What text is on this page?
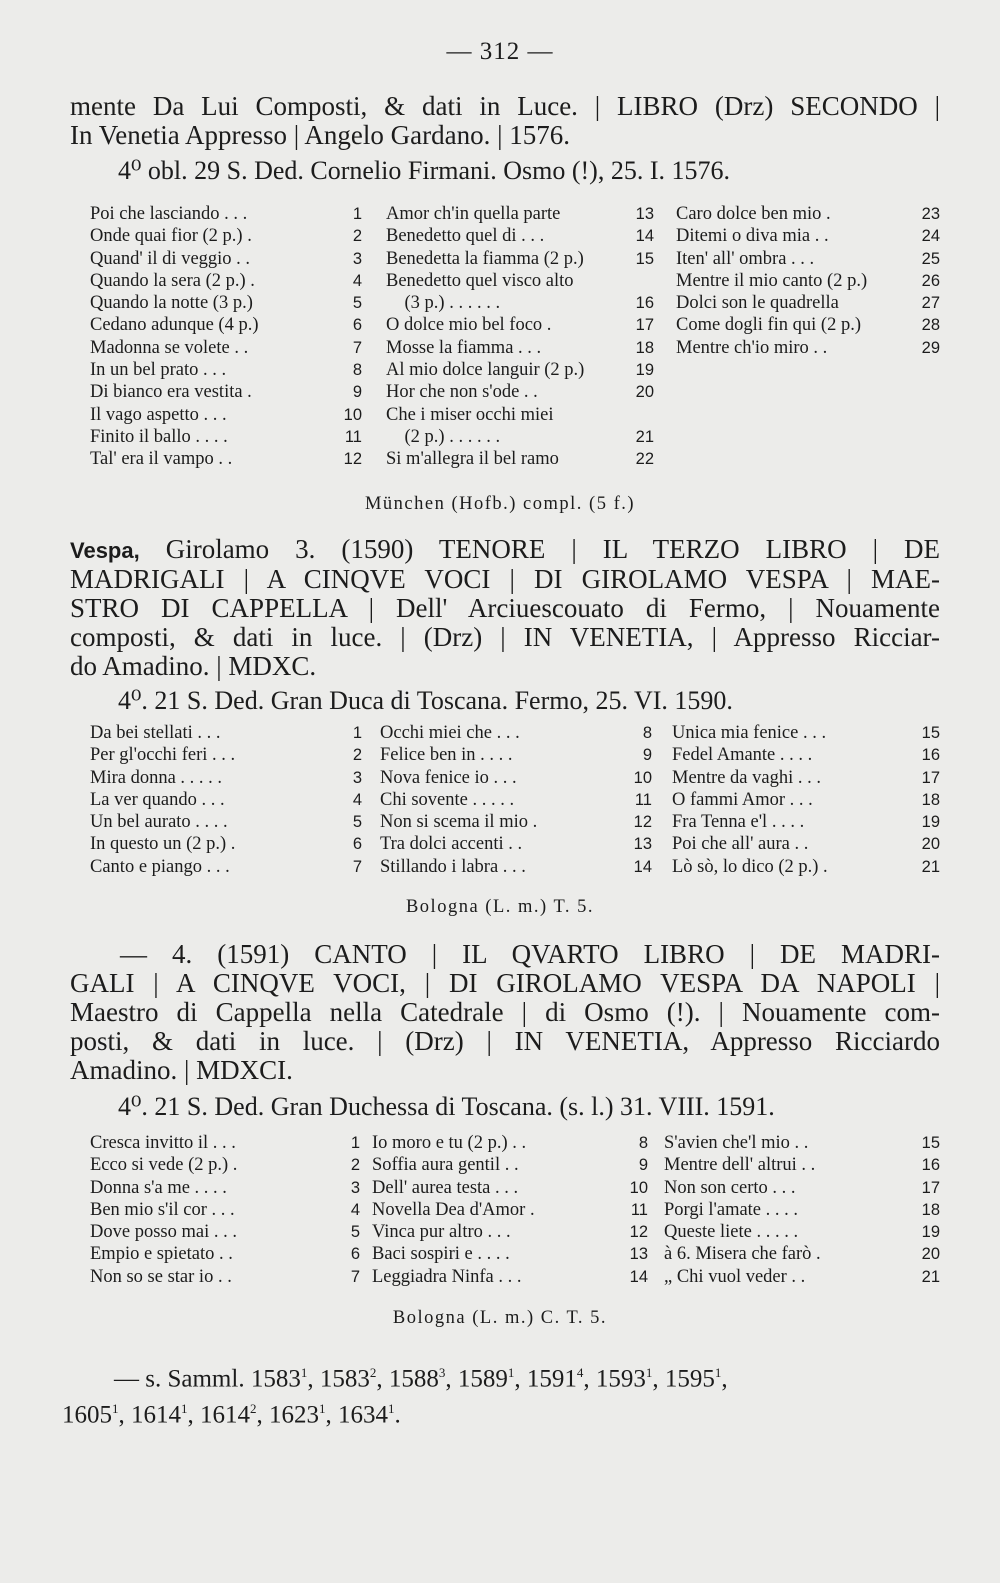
— 312 —
mente Da Lui Composti, & dati in Luce. | LIBRO (Drz) SECONDO |
In Venetia Appresso | Angelo Gardano. | 1576.
4⁰ obl. 29 S. Ded. Cornelio Firmani. Osmo (!), 25. I. 1576.
Poi che lasciando . . .	1
Onde quai fior (2 p.) .	2
Quand' il di veggio . .	3
Quando la sera (2 p.) .	4
Quando la notte (3 p.)	5
Cedano adunque (4 p.)	6
Madonna se volete . .	7
In un bel prato . . .	8
Di bianco era vestita .	9
Il vago aspetto . . .	10
Finito il ballo . . . .	11
Tal' era il vampo . .	12
Amor ch'in quella parte	13
Benedetto quel di . . .	14
Benedetta la fiamma (2 p.)	15
Benedetto quel visco alto
(3 p.) . . . . . .	16
O dolce mio bel foco .	17
Mosse la fiamma . . .	18
Al mio dolce languir (2 p.)	19
Hor che non s'ode . .	20
Che i miser occhi miei
(2 p.) . . . . . .	21
Si m'allegra il bel ramo	22
Caro dolce ben mio .	23
Ditemi o diva mia . .	24
Iten' all' ombra . . .	25
Mentre il mio canto (2 p.)	26
Dolci son le quadrella	27
Come dogli fin qui (2 p.)	28
Mentre ch'io miro . .	29
München (Hofb.) compl. (5 f.)
Vespa, Girolamo 3. (1590) TENORE | IL TERZO LIBRO | DE
MADRIGALI | A CINQVE VOCI | DI GIROLAMO VESPA | MAE-
STRO DI CAPPELLA | Dell' Arciuescouato di Fermo, | Nouamente
composti, & dati in luce. | (Drz) | IN VENETIA, | Appresso Ricciar-
do Amadino. | MDXC.
4⁰. 21 S. Ded. Gran Duca di Toscana. Fermo, 25. VI. 1590.
Da bei stellati . . .	1
Per gl'occhi feri . . .	2
Mira donna . . . . .	3
La ver quando . . .	4
Un bel aurato . . . .	5
In questo un (2 p.) .	6
Canto e piango . . .	7
Occhi miei che . . .	8
Felice ben in . . . .	9
Nova fenice io . . .	10
Chi sovente . . . . .	11
Non si scema il mio .	12
Tra dolci accenti . .	13
Stillando i labra . . .	14
Unica mia fenice . . .	15
Fedel Amante . . . .	16
Mentre da vaghi . . .	17
O fammi Amor . . .	18
Fra Tenna e'l . . . .	19
Poi che all' aura . .	20
Lò sò, lo dico (2 p.) .	21
Bologna (L. m.) T. 5.
— 4. (1591) CANTO | IL QVARTO LIBRO | DE MADRI-
GALI | A CINQVE VOCI, | DI GIROLAMO VESPA DA NAPOLI |
Maestro di Cappella nella Catedrale | di Osmo (!). | Nouamente com-
posti, & dati in luce. | (Drz) | IN VENETIA, Appresso Ricciardo
Amadino. | MDXCI.
4⁰. 21 S. Ded. Gran Duchessa di Toscana. (s. l.) 31. VIII. 1591.
Cresca invitto il . . .	1
Ecco si vede (2 p.) .	2
Donna s'a me . . . .	3
Ben mio s'il cor . . .	4
Dove posso mai . . .	5
Empio e spietato . .	6
Non so se star io . .	7
Io moro e tu (2 p.) . .	8
Soffia aura gentil . .	9
Dell' aurea testa . . .	10
Novella Dea d'Amor .	11
Vinca pur altro . . .	12
Baci sospiri e . . . .	13
Leggiadra Ninfa . . .	14
S'avien che'l mio . .	15
Mentre dell' altrui . .	16
Non son certo . . .	17
Porgi l'amate . . . .	18
Queste liete . . . . .	19
à 6. Misera che farò .	20
„ Chi vuol veder . .	21
Bologna (L. m.) C. T. 5.
— s. Samml. 1583$^1$, 1583$^2$, 1588$^3$, 1589$^1$, 1591$^4$, 1593$^1$, 1595$^1$,
1605$^1$, 1614$^1$, 1614$^2$, 1623$^1$, 1634$^1$.
